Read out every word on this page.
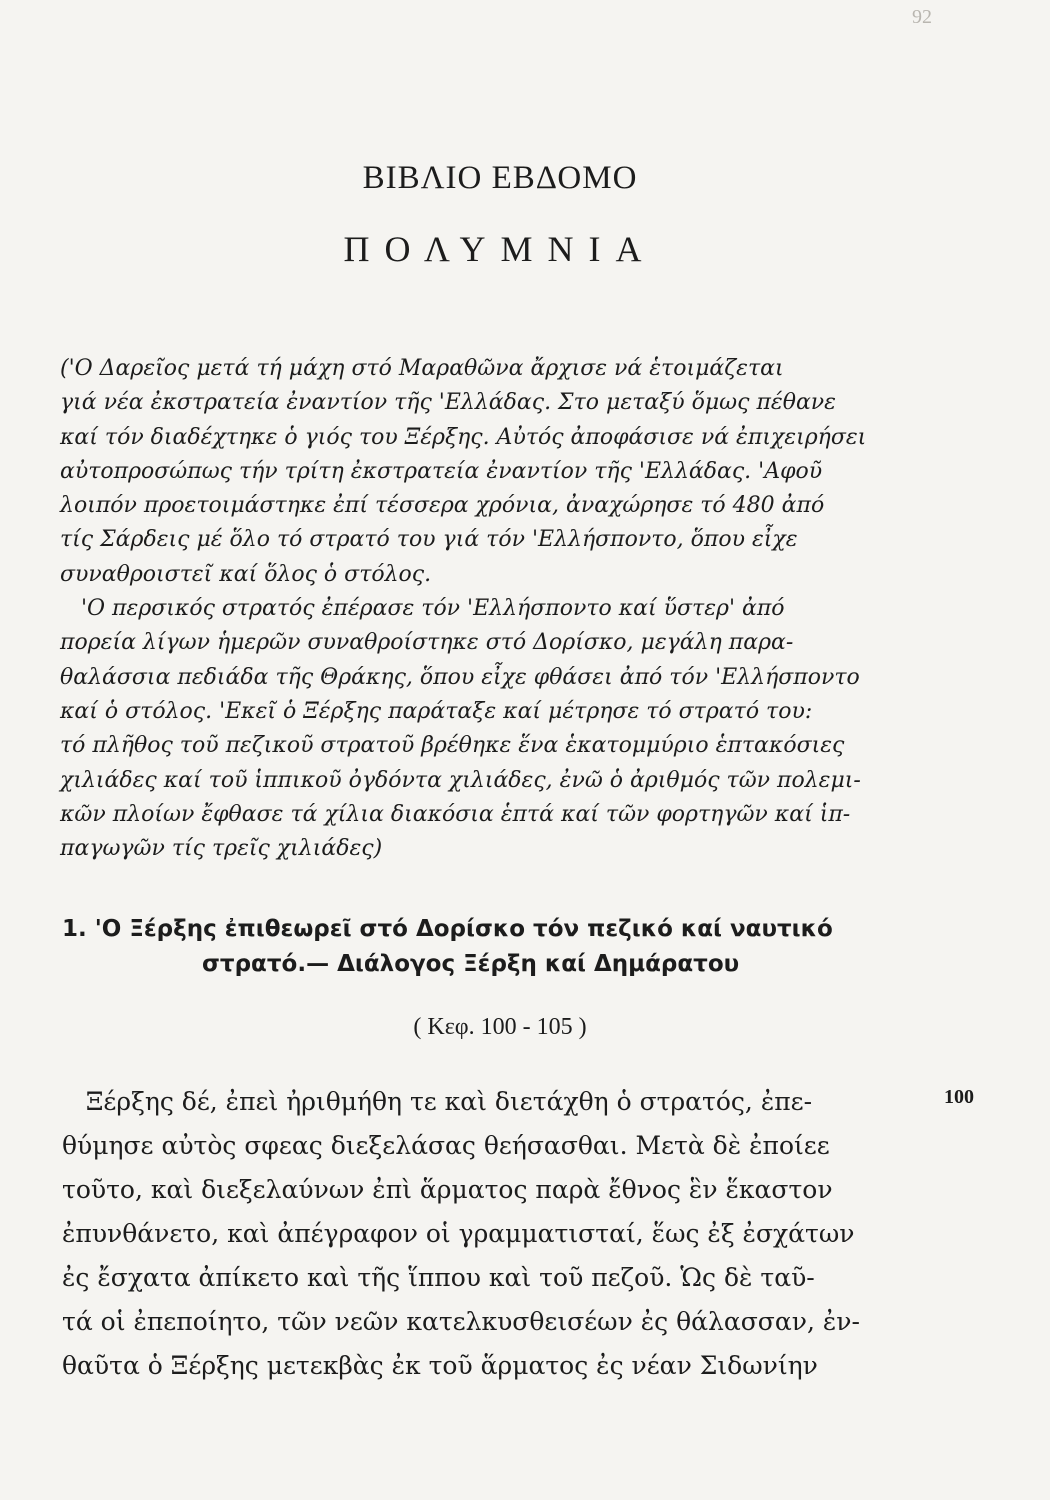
92
ΒΙΒΛΙΟ ΕΒΔΟΜΟ
ΠΟΛΥΜΝΙΑ
('Ο Δαρεῖος μετά τή μάχη στό Μαραθῶνα ἄρχισε νά ἑτοιμάζεται
γιά νέα ἐκστρατεία ἐναντίον τῆς 'Ελλάδας. Στο μεταξύ ὅμως πέθανε
καί τόν διαδέχτηκε ὁ γιός του Ξέρξης. Αὐτός ἀποφάσισε νά ἐπιχειρήσει
αὐτοπροσώπως τήν τρίτη ἐκστρατεία ἐναντίον τῆς 'Ελλάδας. 'Αφοῦ
λοιπόν προετοιμάστηκε ἐπί τέσσερα χρόνια, ἀναχώρησε τό 480 ἀπό
τίς Σάρδεις μέ ὅλο τό στρατό του γιά τόν 'Ελλήσποντο, ὅπου εἶχε
συναθροιστεῖ καί ὅλος ὁ στόλος.
'Ο περσικός στρατός ἐπέρασε τόν 'Ελλήσποντο καί ὕστερ' ἀπό
πορεία λίγων ἡμερῶν συναθροίστηκε στό Δορίσκο, μεγάλη παρα-
θαλάσσια πεδιάδα τῆς Θράκης, ὅπου εἶχε φθάσει ἀπό τόν 'Ελλήσποντο
καί ὁ στόλος. 'Εκεῖ ὁ Ξέρξης παράταξε καί μέτρησε τό στρατό του:
τό πλῆθος τοῦ πεζικοῦ στρατοῦ βρέθηκε ἕνα ἑκατομμύριο ἑπτακόσιες
χιλιάδες καί τοῦ ἱππικοῦ ὀγδόντα χιλιάδες, ἐνῶ ὁ ἀριθμός τῶν πολεμι-
κῶν πλοίων ἔφθασε τά χίλια διακόσια ἑπτά καί τῶν φορτηγῶν καί ἱπ-
παγωγῶν τίς τρεῖς χιλιάδες)
1. 'Ο Ξέρξης ἐπιθεωρεῖ στό Δορίσκο τόν πεζικό καί ναυτικό
στρατό.— Διάλογος Ξέρξη καί Δημάρατου
( Κεφ. 100 - 105 )
100
Ξέρξης δέ, ἐπεὶ ἠριθμήθη τε καὶ διετάχθη ὁ στρατός, ἐπε-
θύμησε αὐτὸς σφεας διεξελάσας θεήσασθαι. Μετὰ δὲ ἐποίεε
τοῦτο, καὶ διεξελαύνων ἐπὶ ἅρματος παρὰ ἔθνος ἓν ἕκαστον
ἐπυνθάνετο, καὶ ἀπέγραφον οἱ γραμματισταί, ἕως ἐξ ἐσχάτων
ἐς ἔσχατα ἀπίκετο καὶ τῆς ἵππου καὶ τοῦ πεζοῦ. Ὡς δὲ ταῦ-
τά οἱ ἐπεποίητο, τῶν νεῶν κατελκυσθεισέων ἐς θάλασσαν, ἐν-
θαῦτα ὁ Ξέρξης μετεκβὰς ἐκ τοῦ ἅρματος ἐς νέαν Σιδωνίην
